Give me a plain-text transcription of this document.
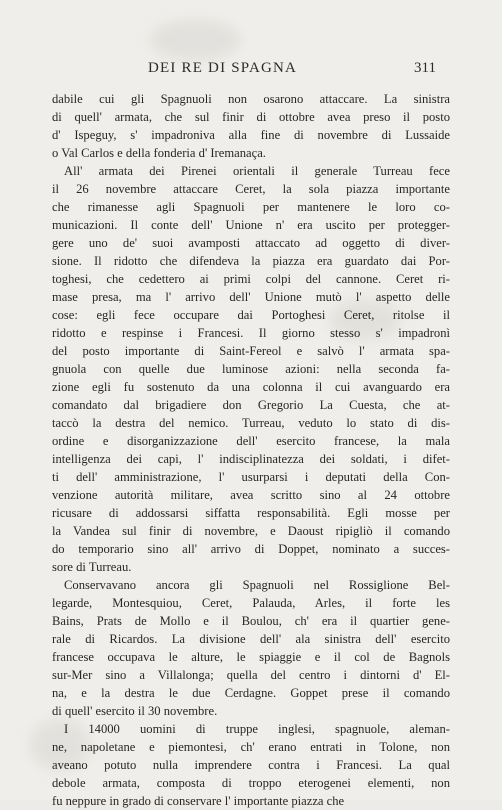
DEI RE DI SPAGNA	311
dabile cui gli Spagnuoli non osarono attaccare. La sinistra
di quell' armata, che sul finir di ottobre avea preso il posto
d' Ispeguy, s' impadroniva alla fine di novembre di Lussaide
o Val Carlos e della fonderia d' Iremanaça.
All' armata dei Pirenei orientali il generale Turreau fece
il 26 novembre attaccare Ceret, la sola piazza importante
che rimanesse agli Spagnuoli per mantenere le loro co-
municazioni. Il conte dell' Unione n' era uscito per protegger-
gere uno de' suoi avamposti attaccato ad oggetto di diver-
sione. Il ridotto che difendeva la piazza era guardato dai Por-
toghesi, che cedettero ai primi colpi del cannone. Ceret ri-
mase presa, ma l' arrivo dell' Unione mutò l' aspetto delle
cose: egli fece occupare dai Portoghesi Ceret, ritolse il
ridotto e respinse i Francesi. Il giorno stesso s' impadronì
del posto importante di Saint-Fereol e salvò l' armata spa-
gnuola con quelle due luminose azioni: nella seconda fa-
zione egli fu sostenuto da una colonna il cui avanguardo era
comandato dal brigadiere don Gregorio La Cuesta, che at-
taccò la destra del nemico. Turreau, veduto lo stato di dis-
ordine e disorganizzazione dell' esercito francese, la mala
intelligenza dei capi, l' indisciplinatezza dei soldati, i difet-
ti dell' amministrazione, l' usurparsi i deputati della Con-
venzione autorità militare, avea scritto sino al 24 ottobre
ricusare di addossarsi siffatta responsabilità. Egli mosse per
la Vandea sul finir di novembre, e Daoust ripigliò il comando
do temporario sino all' arrivo di Doppet, nominato a succes-
sore di Turreau.
Conservavano ancora gli Spagnuoli nel Rossiglione Bel-
legarde, Montesquiou, Ceret, Palauda, Arles, il forte les
Bains, Prats de Mollo e il Boulou, ch' era il quartier gene-
rale di Ricardos. La divisione dell' ala sinistra dell' esercito
francese occupava le alture, le spiaggie e il col de Bagnols
sur-Mer sino a Villalonga; quella del centro i dintorni d' El-
na, e la destra le due Cerdagne. Goppet prese il comando
di quell' esercito il 30 novembre.
I 14000 uomini di truppe inglesi, spagnuole, aleman-
ne, napoletane e piemontesi, ch' erano entrati in Tolone, non
aveano potuto nulla imprendere contra i Francesi. La qual
debole armata, composta di troppo eterogenei elementi, non
fu neppure in grado di conservare l' importante piazza che
